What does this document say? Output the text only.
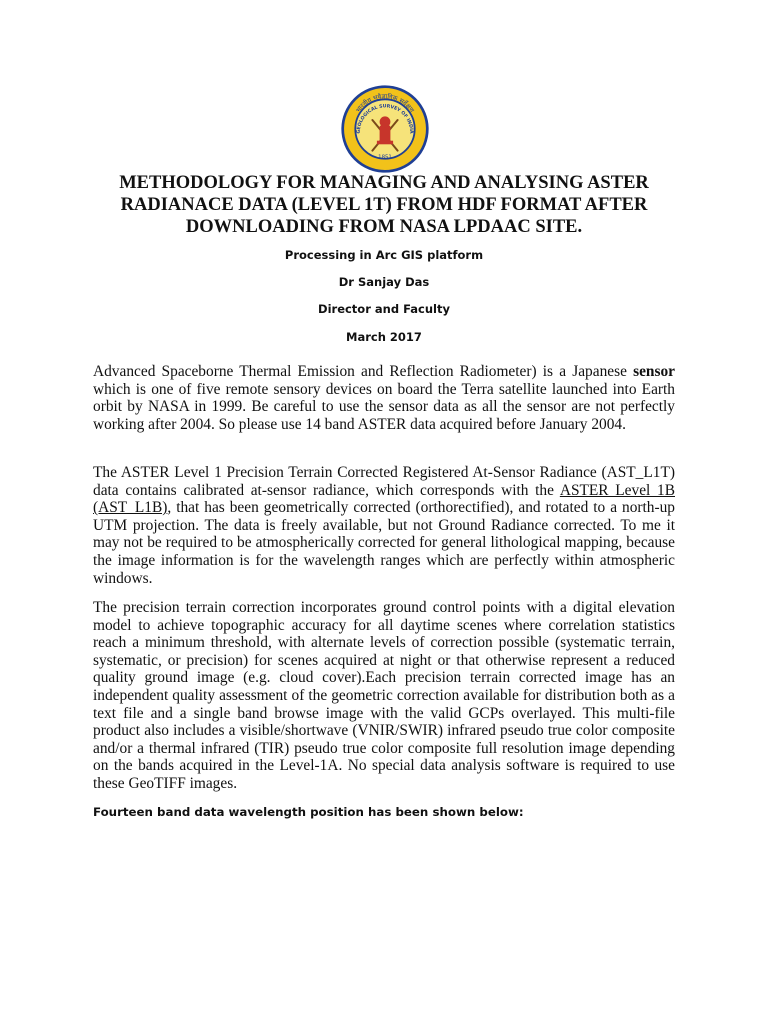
भारतीय भूवैज्ञानिक सर्वेक्षण
GEOLOGICAL SURVEY OF INDIA
1851
METHODOLOGY FOR MANAGING AND ANALYSING ASTER
RADIANACE DATA (LEVEL 1T) FROM HDF FORMAT AFTER
DOWNLOADING FROM NASA LPDAAC SITE.
Processing in Arc GIS platform
Dr Sanjay Das
Director and Faculty
March 2017

Advanced Spaceborne Thermal Emission and Reflection Radiometer) is a Japanese sensor which is one of five remote sensory devices on board the Terra satellite launched into Earth orbit by NASA in 1999. Be careful to use the sensor data as all the sensor are not perfectly working after 2004. So please use 14 band ASTER data acquired before January 2004.

The ASTER Level 1 Precision Terrain Corrected Registered At-Sensor Radiance (AST_L1T) data contains calibrated at-sensor radiance, which corresponds with the ASTER Level 1B (AST_L1B), that has been geometrically corrected (orthorectified), and rotated to a north-up UTM projection. The data is freely available, but not Ground Radiance corrected. To me it may not be required to be atmospherically corrected for general lithological mapping, because the image information is for the wavelength ranges which are perfectly within atmospheric windows.

The precision terrain correction incorporates ground control points with a digital elevation model to achieve topographic accuracy for all daytime scenes where correlation statistics reach a minimum threshold, with alternate levels of correction possible (systematic terrain, systematic, or precision) for scenes acquired at night or that otherwise represent a reduced quality ground image (e.g. cloud cover).Each precision terrain corrected image has an independent quality assessment of the geometric correction available for distribution both as a text file and a single band browse image with the valid GCPs overlayed. This multi-file product also includes a visible/shortwave (VNIR/SWIR) infrared pseudo true color composite and/or a thermal infrared (TIR) pseudo true color composite full resolution image depending on the bands acquired in the Level-1A. No special data analysis software is required to use these GeoTIFF images.

Fourteen band data wavelength position has been shown below:
